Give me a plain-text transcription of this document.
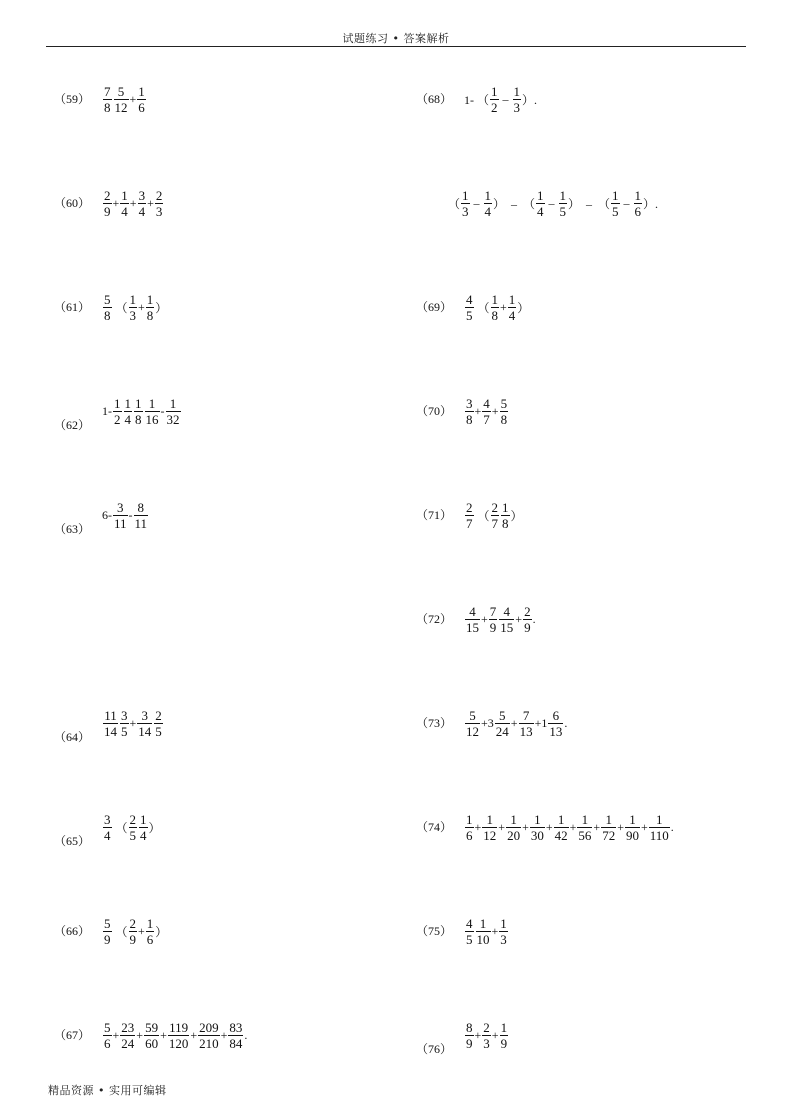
试题练习 • 答案解析
$(59) \frac{7}{8} \frac{5}{12} + \frac{1}{6}$	（68） 1- （ $\frac{1}{2} - \frac{1}{3}$ ）.
（ $\frac{1}{3} - \frac{1}{4}$ ）  –  （ $\frac{1}{4} - \frac{1}{5}$ ）  –  （ $\frac{1}{5} - \frac{1}{6}$ ）.
$(60) \frac{2}{9} + \frac{1}{4} + \frac{3}{4} + \frac{2}{3}$
$(61) \frac{5}{8}$ （ $\frac{1}{3} + \frac{1}{8}$ ）	$(69) \frac{4}{5}$ （ $\frac{1}{8} + \frac{1}{4}$ ）
（62）
$1- \frac{1}{2} \frac{1}{4} \frac{1}{8} \frac{1}{16} - \frac{1}{32}$	$(70) \frac{3}{8} + \frac{4}{7} + \frac{5}{8}$
（63）
$6- \frac{3}{11} - \frac{8}{11}$	$(71) \frac{2}{7}$ （ $\frac{2}{7} \frac{1}{8}$ ）
$(72) \frac{4}{15} + \frac{7}{9} \frac{4}{15} + \frac{2}{9}$ .
$(64) \frac{11}{14} \frac{3}{5} + \frac{3}{14} \frac{2}{5}$	$(73) \frac{5}{12} +3 \frac{5}{24} + \frac{7}{13} +1 \frac{6}{13}$ .
$(65) \frac{3}{4}$ （ $\frac{2}{5} \frac{1}{4}$ ）	$(74) \frac{1}{6} + \frac{1}{12} + \frac{1}{20} + \frac{1}{30} + \frac{1}{42} + \frac{1}{56} + \frac{1}{72} + \frac{1}{90} + \frac{1}{110}$ .
$(66) \frac{5}{9}$ （ $\frac{2}{9} + \frac{1}{6}$ ）	$(75) \frac{4}{5} \frac{1}{10} + \frac{1}{3}$
$(67) \frac{5}{6} + \frac{23}{24} + \frac{59}{60} + \frac{119}{120} + \frac{209}{210} + \frac{83}{84}$ .
$(76) \frac{8}{9} + \frac{2}{3} + \frac{1}{9}$
精品资源 • 实用可编辑
